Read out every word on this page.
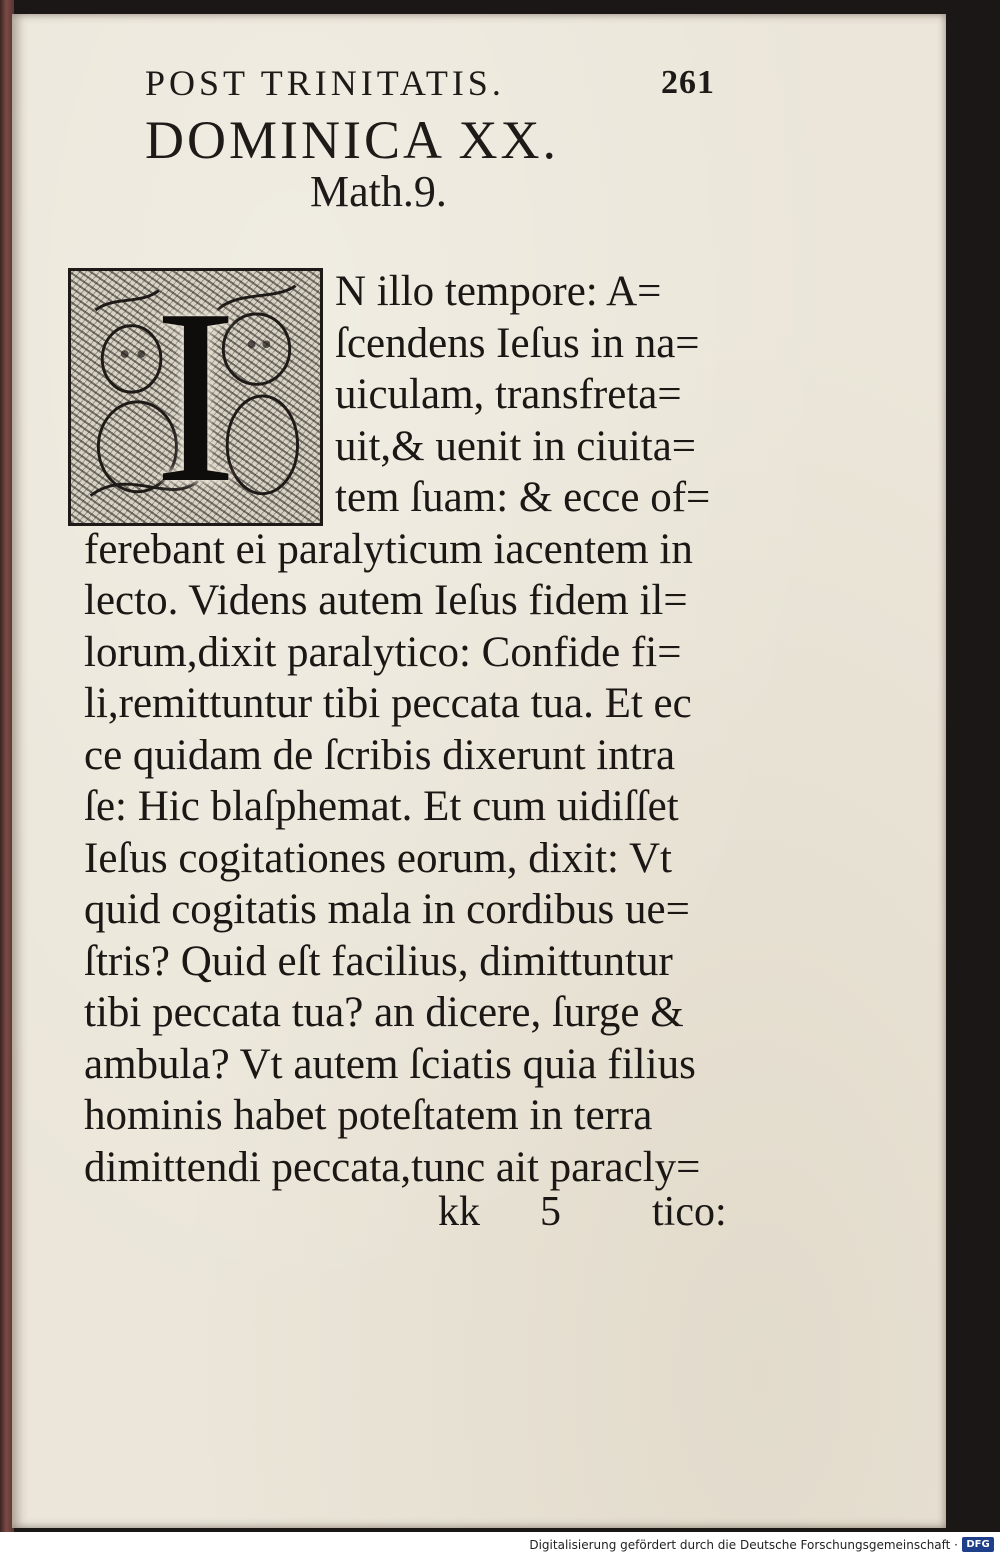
POST TRINITATIS.	261
DOMINICA XX.
Math.9.
I	N illo tempore: A=
ſcendens Ieſus in na=
uiculam, transfreta=
uit,& uenit in ciuita=
tem ſuam: & ecce of=
ferebant ei paralyticum iacentem in
lecto. Videns autem Ieſus fidem il=
lorum,dixit paralytico: Confide fi=
li,remittuntur tibi peccata tua. Et ec
ce quidam de ſcribis dixerunt intra
ſe: Hic blaſphemat. Et cum uidiſſet
Ieſus cogitationes eorum, dixit: Vt
quid cogitatis mala in cordibus ue=
ſtris? Quid eſt facilius, dimittuntur
tibi peccata tua? an dicere, ſurge &
ambula? Vt autem ſciatis quia filius
hominis habet poteſtatem in terra
dimittendi peccata,tunc ait paracly=
kk 5 tico:
Digitalisierung gefördert durch die Deutsche Forschungsgemeinschaft · DFG
